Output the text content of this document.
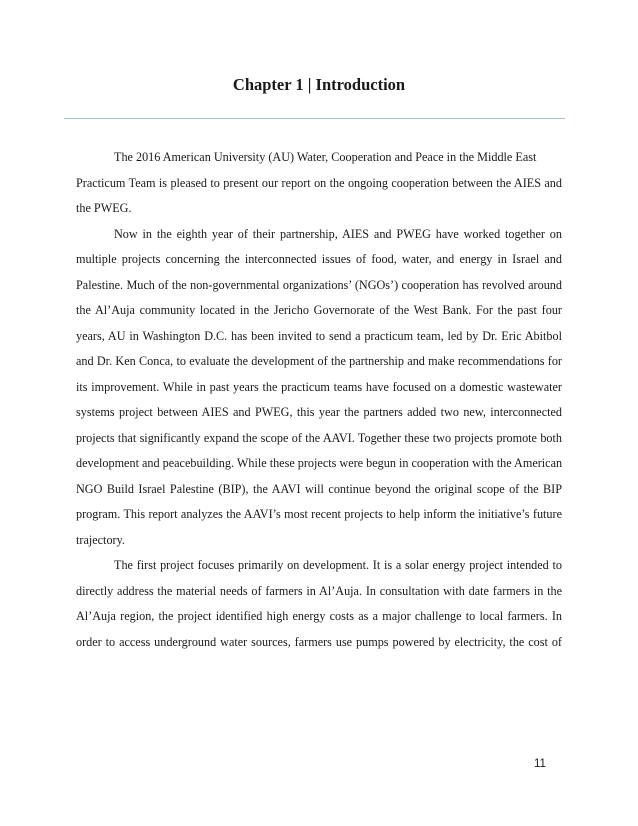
Chapter 1 | Introduction
The 2016 American University (AU) Water, Cooperation and Peace in the Middle East
Practicum Team is pleased to present our report on the ongoing cooperation between the AIES and
the PWEG.
Now in the eighth year of their partnership, AIES and PWEG have worked together on
multiple projects concerning the interconnected issues of food, water, and energy in Israel and
Palestine. Much of the non-governmental organizations’ (NGOs’) cooperation has revolved around
the Al’Auja community located in the Jericho Governorate of the West Bank. For the past four
years, AU in Washington D.C. has been invited to send a practicum team, led by Dr. Eric Abitbol
and Dr. Ken Conca, to evaluate the development of the partnership and make recommendations for
its improvement. While in past years the practicum teams have focused on a domestic wastewater
systems project between AIES and PWEG, this year the partners added two new, interconnected
projects that significantly expand the scope of the AAVI. Together these two projects promote both
development and peacebuilding. While these projects were begun in cooperation with the American
NGO Build Israel Palestine (BIP), the AAVI will continue beyond the original scope of the BIP
program. This report analyzes the AAVI’s most recent projects to help inform the initiative’s future
trajectory.
The first project focuses primarily on development. It is a solar energy project intended to
directly address the material needs of farmers in Al’Auja. In consultation with date farmers in the
Al’Auja region, the project identified high energy costs as a major challenge to local farmers. In
order to access underground water sources, farmers use pumps powered by electricity, the cost of
11
